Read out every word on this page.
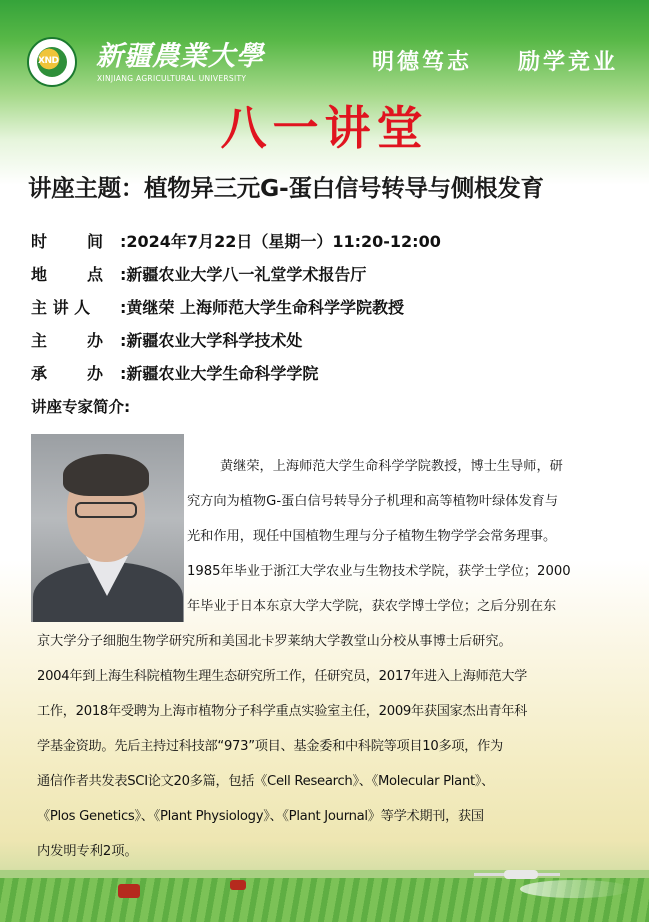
XND 新疆農業大學
XINJIANG AGRICULTURAL UNIVERSITY
明德笃志 励学竞业
八一讲堂
讲座主题：植物异三元G-蛋白信号转导与侧根发育
时 间 :2024年7月22日（星期一）11:20-12:00
地 点 :新疆农业大学八一礼堂学术报告厅
主 讲 人	:黄继荣 上海师范大学生命科学学院教授
主 办 :新疆农业大学科学技术处
承 办 :新疆农业大学生命科学学院
讲座专家简介:
黄继荣，上海师范大学生命科学学院教授，博士生导师，研
究方向为植物G-蛋白信号转导分子机理和高等植物叶绿体发育与
光和作用，现任中国植物生理与分子植物生物学学会常务理事。
1985年毕业于浙江大学农业与生物技术学院，获学士学位；2000
年毕业于日本东京大学大学院，获农学博士学位；之后分别在东
京大学分子细胞生物学研究所和美国北卡罗莱纳大学教堂山分校从事博士后研究。
2004年到上海生科院植物生理生态研究所工作，任研究员，2017年进入上海师范大学
工作，2018年受聘为上海市植物分子科学重点实验室主任，2009年获国家杰出青年科
学基金资助。先后主持过科技部“973”项目、基金委和中科院等项目10多项，作为
通信作者共发表SCI论文20多篇，包括《Cell Research》、《Molecular Plant》、
《Plos Genetics》、《Plant Physiology》、《Plant Journal》等学术期刊，获国
内发明专利2项。
